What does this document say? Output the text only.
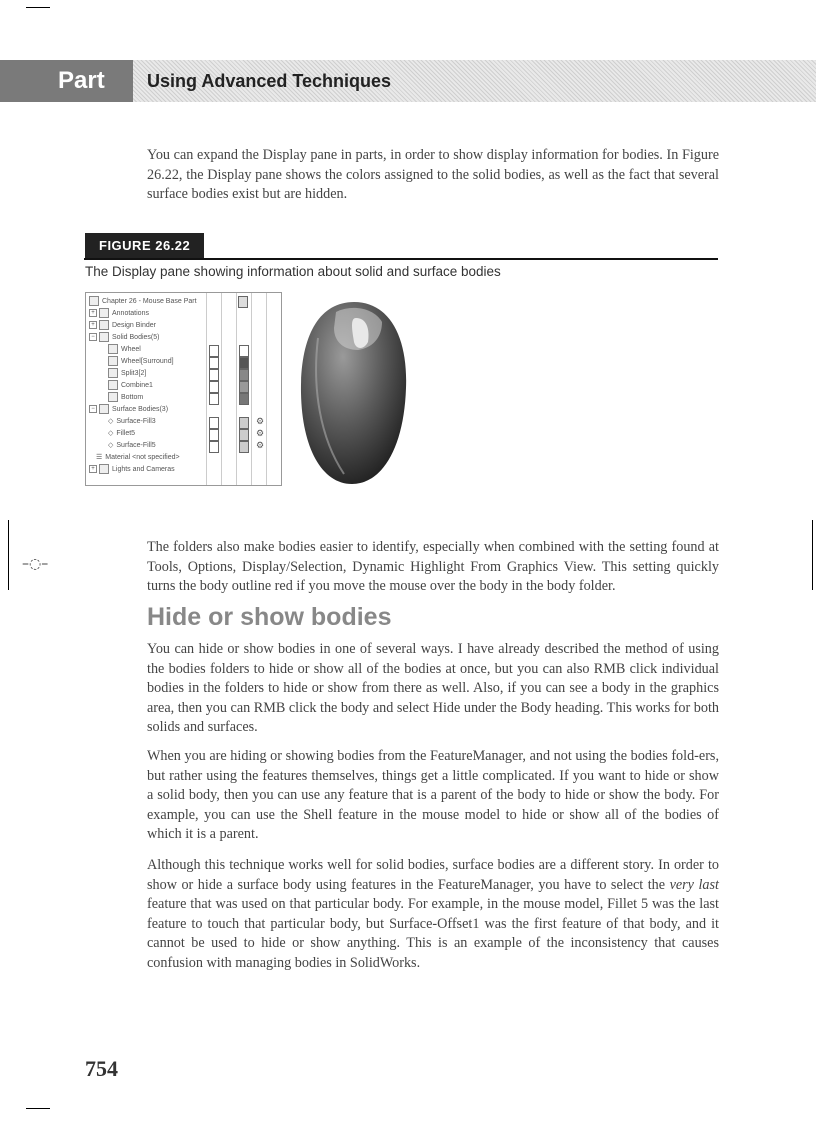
–◌–
Part VI
Using Advanced Techniques

You can expand the Display pane in parts, in order to show display information for bodies. In Figure 26.22, the Display pane shows the colors assigned to the solid bodies, as well as the fact that several surface bodies exist but are hidden.

FIGURE 26.22
The Display pane showing information about solid and surface bodies
Chapter 26 - Mouse Base Part
+ Annotations
+ Design Binder
− Solid Bodies(5)
Wheel
Wheel[Surround]
Split3[2]
Combine1
Bottom
− Surface Bodies(3)
◇ Surface-Fill3
◇ Fillet5
◇ Surface-Fill5
☰ Material <not specified>
+ Lights and Cameras
⚙
⚙
⚙

The folders also make bodies easier to identify, especially when combined with the setting found at Tools, Options, Display/Selection, Dynamic Highlight From Graphics View. This setting quickly turns the body outline red if you move the mouse over the body in the body folder.

Hide or show bodies

You can hide or show bodies in one of several ways. I have already described the method of using the bodies folders to hide or show all of the bodies at once, but you can also RMB click individual bodies in the folders to hide or show from there as well. Also, if you can see a body in the graphics area, then you can RMB click the body and select Hide under the Body heading. This works for both solids and surfaces.

When you are hiding or showing bodies from the FeatureManager, and not using the bodies fold-ers, but rather using the features themselves, things get a little complicated. If you want to hide or show a solid body, then you can use any feature that is a parent of the body to hide or show the body. For example, you can use the Shell feature in the mouse model to hide or show all of the bodies of which it is a parent.

Although this technique works well for solid bodies, surface bodies are a different story. In order to show or hide a surface body using features in the FeatureManager, you have to select the very last feature that was used on that particular body. For example, in the mouse model, Fillet 5 was the last feature to touch that particular body, but Surface-Offset1 was the first feature of that body, and it cannot be used to hide or show anything. This is an example of the inconsistency that causes confusion with managing bodies in SolidWorks.

754
